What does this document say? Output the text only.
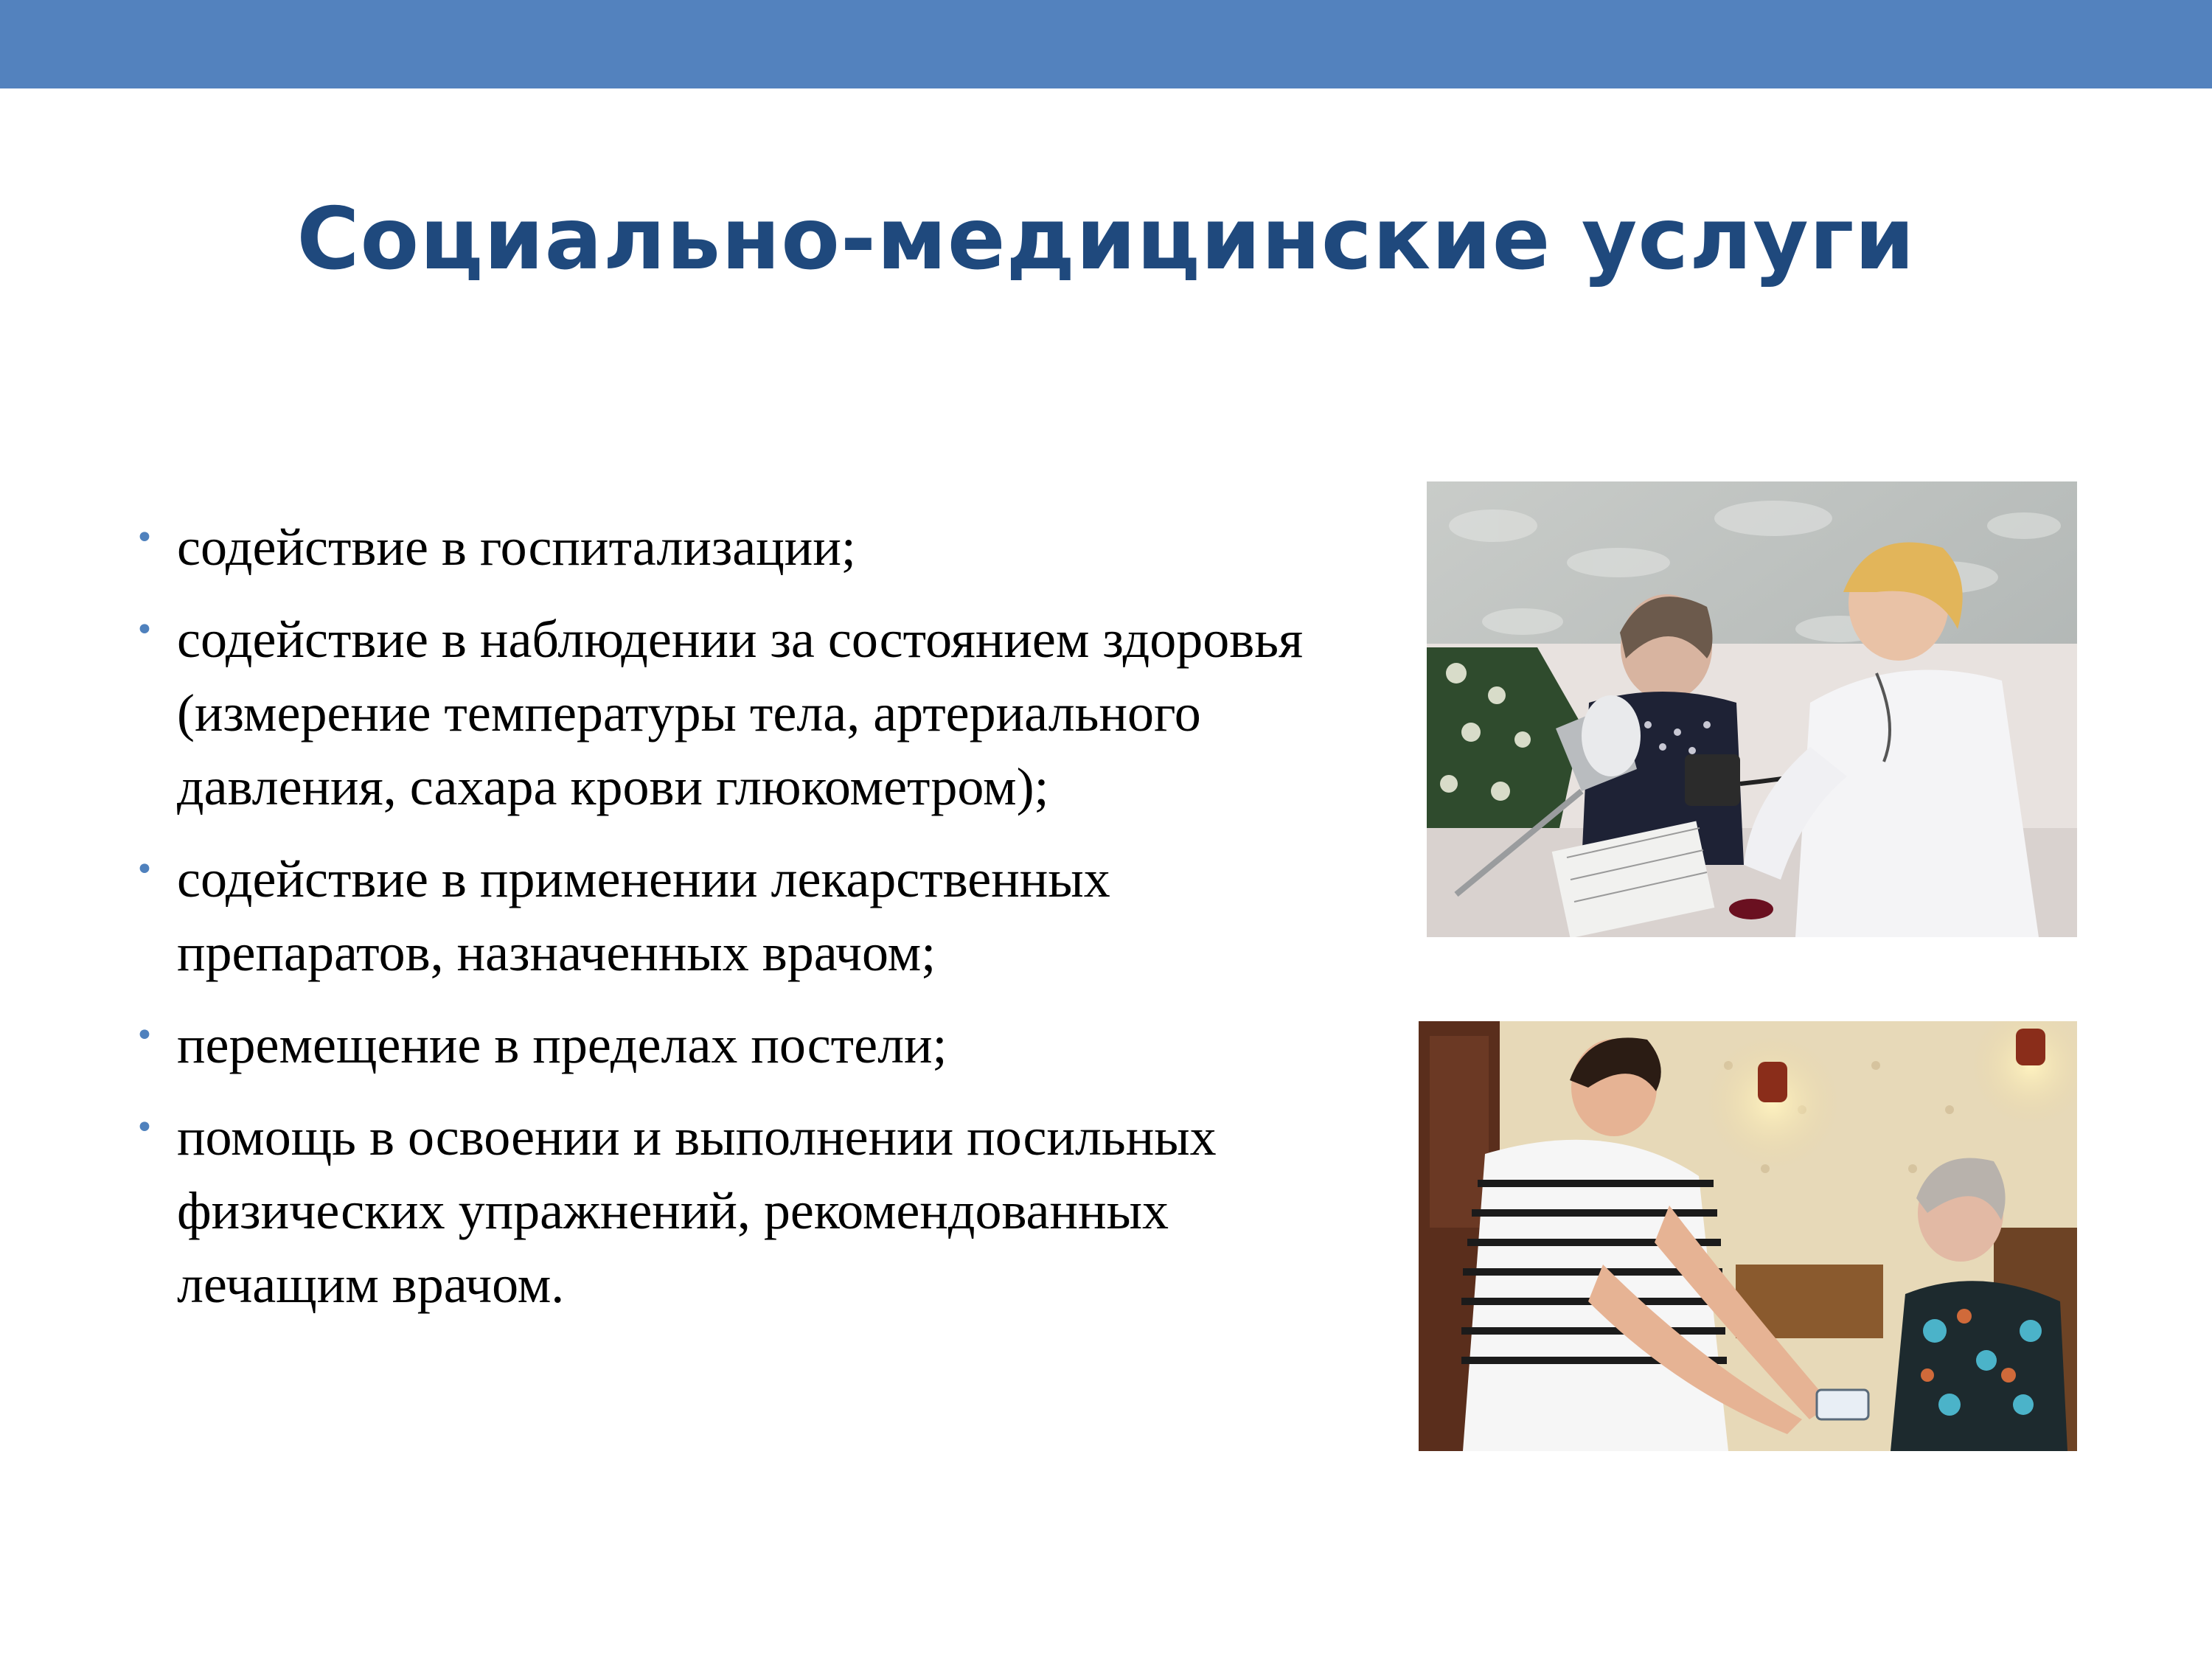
Социально-медицинские услуги
• содействие в госпитализации;
• содействие в наблюдении за состоянием здоровья (измерение температуры тела, артериального давления, сахара крови глюкометром);
• содействие в применении лекарственных препаратов, назначенных врачом;
• перемещение в пределах постели;
• помощь в освоении и выполнении посильных физических упражнений, рекомендованных лечащим врачом.
